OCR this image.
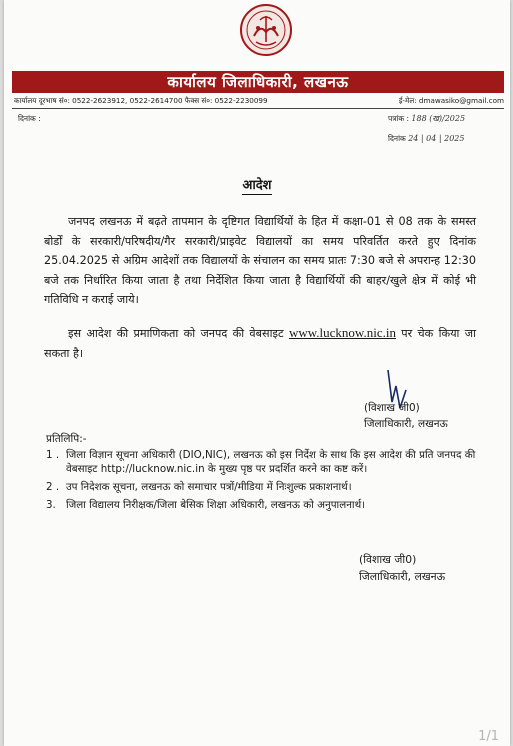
कार्यालय जिलाधिकारी, लखनऊ
कार्यालय दूरभाष सं०: 0522-2623912, 0522-2614700 फैक्स सं०: 0522-2230099	ई-मेल: dmawasiko@gmail.com
दिनांक :	पत्रांक : 188 (ख)/2025
दिनांक 24 | 04 | 2025
आदेश
जनपद लखनऊ में बढ़ते तापमान के दृष्टिगत विद्यार्थियों के हित में कक्षा-01 से 08 तक के समस्त बोर्डों के सरकारी/परिषदीय/गैर सरकारी/प्राइवेट विद्यालयों का समय परिवर्तित करते हुए दिनांक 25.04.2025 से अग्रिम आदेशों तक विद्यालयों के संचालन का समय प्रातः 7:30 बजे से अपरान्ह 12:30 बजे तक निर्धारित किया जाता है तथा निर्देशित किया जाता है विद्यार्थियों की बाहर/खुले क्षेत्र में कोई भी गतिविधि न कराई जाये।
इस आदेश की प्रमाणिकता को जनपद की वेबसाइट www.lucknow.nic.in पर चेक किया जा सकता है।
(विशाख जी0)
जिलाधिकारी, लखनऊ
प्रतिलिपि:-
1 . जिला विज्ञान सूचना अधिकारी (DIO,NIC), लखनऊ को इस निर्देश के साथ कि इस आदेश की प्रति जनपद की वेबसाइट http://lucknow.nic.in के मुख्य पृष्ठ पर प्रदर्शित करने का कष्ट करें।
2 . उप निदेशक सूचना, लखनऊ को समाचार पत्रों/मीडिया में निःशुल्क प्रकाशनार्थ।
3. जिला विद्यालय निरीक्षक/जिला बेसिक शिक्षा अधिकारी, लखनऊ को अनुपालनार्थ।
(विशाख जी0)
जिलाधिकारी, लखनऊ
1/1
